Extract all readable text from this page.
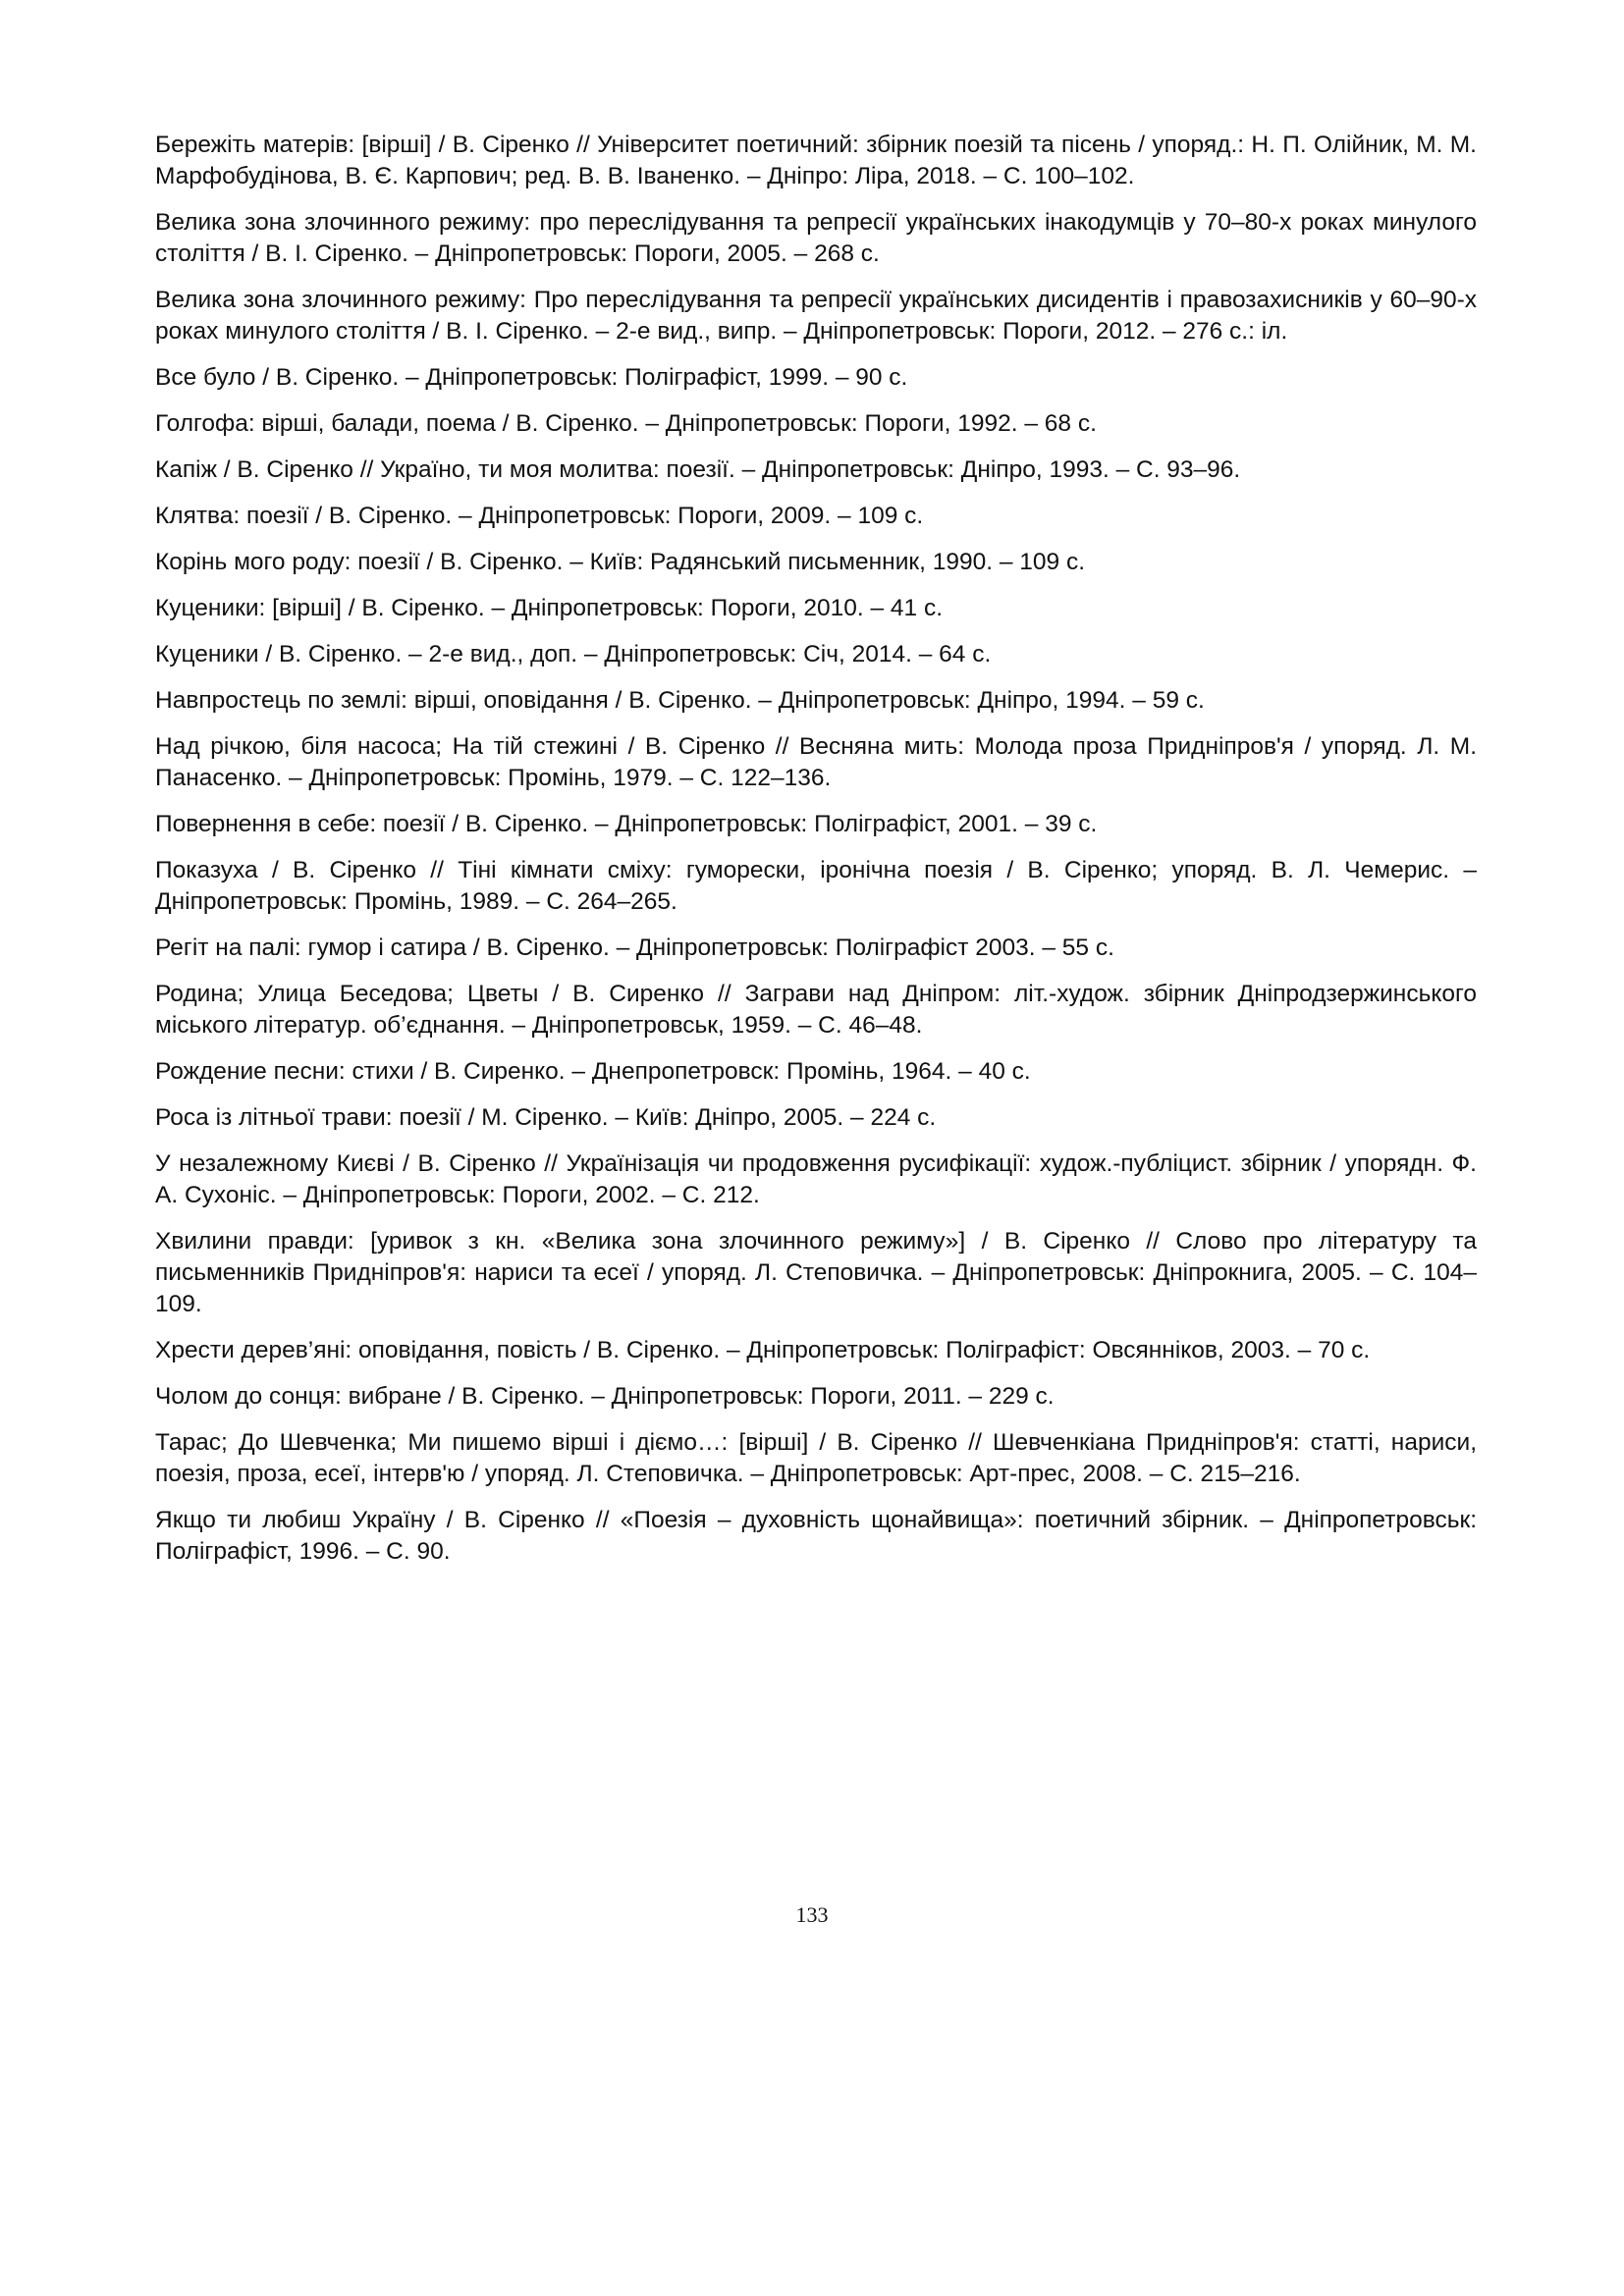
Бережіть матерів: [вірші] / В. Сіренко // Університет поетичний: збірник поезій та пісень / упоряд.: Н. П. Олійник, М. М. Марфобудінова, В. Є. Карпович; ред. В. В. Іваненко. – Дніпро: Ліра, 2018. – С. 100–102.

Велика зона злочинного режиму: про переслідування та репресії українських інакодумців у 70–80-х роках минулого століття / В. І. Сіренко. – Дніпропетровськ: Пороги, 2005. – 268 с.

Велика зона злочинного режиму: Про переслідування та репресії українських дисидентів і правозахисників у 60–90-х роках минулого століття / В. І. Сіренко. – 2-е вид., випр. – Дніпропетровськ: Пороги, 2012. – 276 с.: іл.

Все було / В. Сіренко. – Дніпропетровськ: Поліграфіст, 1999. – 90 с.

Голгофа: вірші, балади, поема / В. Сіренко. – Дніпропетровськ: Пороги, 1992. – 68 с.

Капіж / В. Сіренко // Україно, ти моя молитва: поезії. – Дніпропетровськ: Дніпро, 1993. – С. 93–96.

Клятва: поезії / В. Сіренко. – Дніпропетровськ: Пороги, 2009. – 109 с.

Корінь мого роду: поезії / В. Сіренко. – Київ: Радянський письменник, 1990. – 109 с.

Куценики: [вірші] / В. Сіренко. – Дніпропетровськ: Пороги, 2010. – 41 с.

Куценики / В. Сіренко. – 2-е вид., доп. – Дніпропетровськ: Січ, 2014. – 64 с.

Навпростець по землі: вірші, оповідання / В. Сіренко. – Дніпропетровськ: Дніпро, 1994. – 59 с.

Над річкою, біля насоса; На тій стежині / В. Сіренко // Весняна мить: Молода проза Придніпров'я / упоряд. Л. М. Панасенко. – Дніпропетровськ: Промінь, 1979. – С. 122–136.

Повернення в себе: поезії / В. Сіренко. – Дніпропетровськ: Поліграфіст, 2001. – 39 с.

Показуха / В. Сіренко // Тіні кімнати сміху: гуморески, іронічна поезія / В. Сіренко; упоряд. В. Л. Чемерис. – Дніпропетровськ: Промінь, 1989. – С. 264–265.

Регіт на палі: гумор і сатира / В. Сіренко. – Дніпропетровськ: Поліграфіст 2003. – 55 с.

Родина; Улица Беседова; Цветы / В. Сиренко // Заграви над Дніпром: літ.-худож. збірник Дніпродзержинського міського літератур. об’єднання. – Дніпропетровськ, 1959. – С. 46–48.

Рождение песни: стихи / В. Сиренко. – Днепропетровск: Промінь, 1964. – 40 с.

Роса із літньої трави: поезії / М. Сіренко. – Київ: Дніпро, 2005. – 224 с.

У незалежному Києві / В. Сіренко // Українізація чи продовження русифікації: худож.-публіцист. збірник / упорядн. Ф. А. Сухоніс. – Дніпропетровськ: Пороги, 2002. – С. 212.

Хвилини правди: [уривок з кн. «Велика зона злочинного режиму»] / В. Сіренко // Слово про літературу та письменників Придніпров'я: нариси та есеї / упоряд. Л. Степовичка. – Дніпропетровськ: Дніпрокнига, 2005. – С. 104–109.

Хрести дерев’яні: оповідання, повість / В. Сіренко. – Дніпропетровськ: Поліграфіст: Овсянніков, 2003. – 70 с.

Чолом до сонця: вибране / В. Сіренко. – Дніпропетровськ: Пороги, 2011. – 229 с.

Тарас; До Шевченка; Ми пишемо вірші і діємо…: [вірші] / В. Сіренко // Шевченкіана Придніпров'я: статті, нариси, поезія, проза, есеї, інтерв'ю / упоряд. Л. Степовичка. – Дніпропетровськ: Арт-прес, 2008. – С. 215–216.

Якщо ти любиш Україну / В. Сіренко // «Поезія – духовність щонайвища»: поетичний збірник. – Дніпропетровськ: Поліграфіст, 1996. – С. 90.

133
